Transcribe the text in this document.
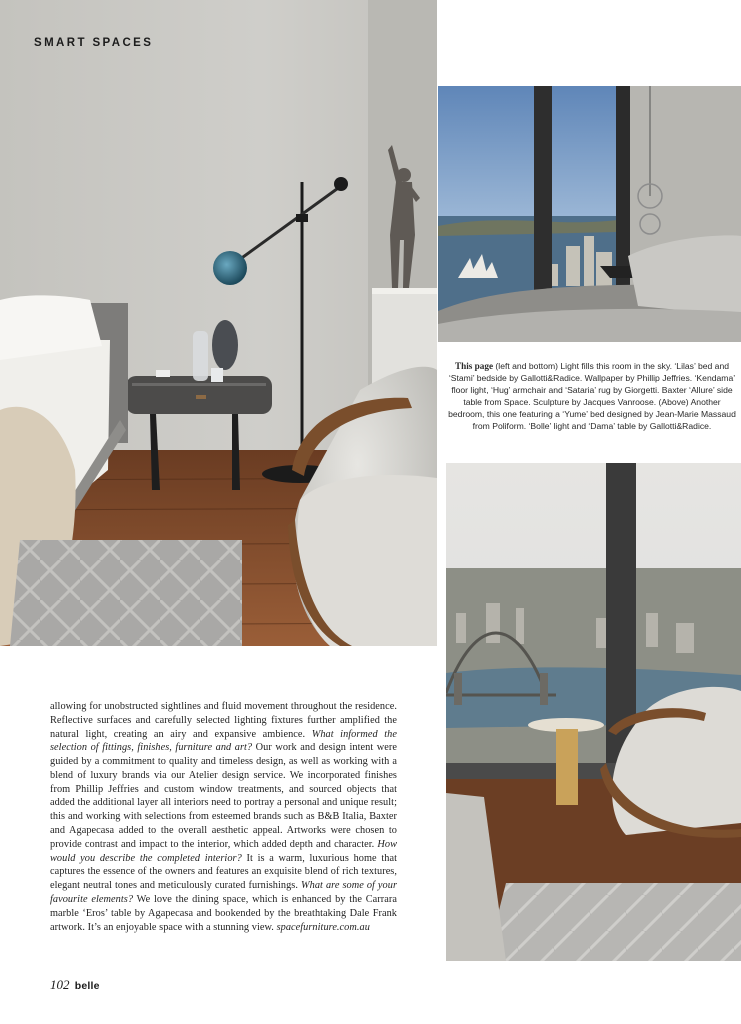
SMART SPACES
This page (left and bottom) Light fills this room in the sky. ‘Lilas’ bed and ‘Stami’ bedside by Gallotti&Radice. Wallpaper by Phillip Jeffries. ‘Kendama’ floor light, ‘Hug’ armchair and ‘Sataria’ rug by Giorgetti. Baxter ‘Allure’ side table from Space. Sculpture by Jacques Vanroose. (Above) Another bedroom, this one featuring a ‘Yume’ bed designed by Jean-Marie Massaud from Poliform. ‘Bolle’ light and ‘Dama’ table by Gallotti&Radice.
allowing for unobstructed sightlines and fluid movement throughout the residence. Reflective surfaces and carefully selected lighting fixtures further amplified the natural light, creating an airy and expansive ambience. What informed the selection of fittings, finishes, furniture and art? Our work and design intent were guided by a commitment to quality and timeless design, as well as working with a blend of luxury brands via our Atelier design service. We incorporated finishes from Phillip Jeffries and custom window treatments, and sourced objects that added the additional layer all interiors need to portray a personal and unique result; this and working with selections from esteemed brands such as B&B Italia, Baxter and Agapecasa added to the overall aesthetic appeal. Artworks were chosen to provide contrast and impact to the interior, which added depth and character. How would you describe the completed interior? It is a warm, luxurious home that captures the essence of the owners and features an exquisite blend of rich textures, elegant neutral tones and meticulously curated furnishings. What are some of your favourite elements? We love the dining space, which is enhanced by the Carrara marble ‘Eros’ table by Agapecasa and bookended by the breathtaking Dale Frank artwork. It’s an enjoyable space with a stunning view. spacefurniture.com.au
102 belle
